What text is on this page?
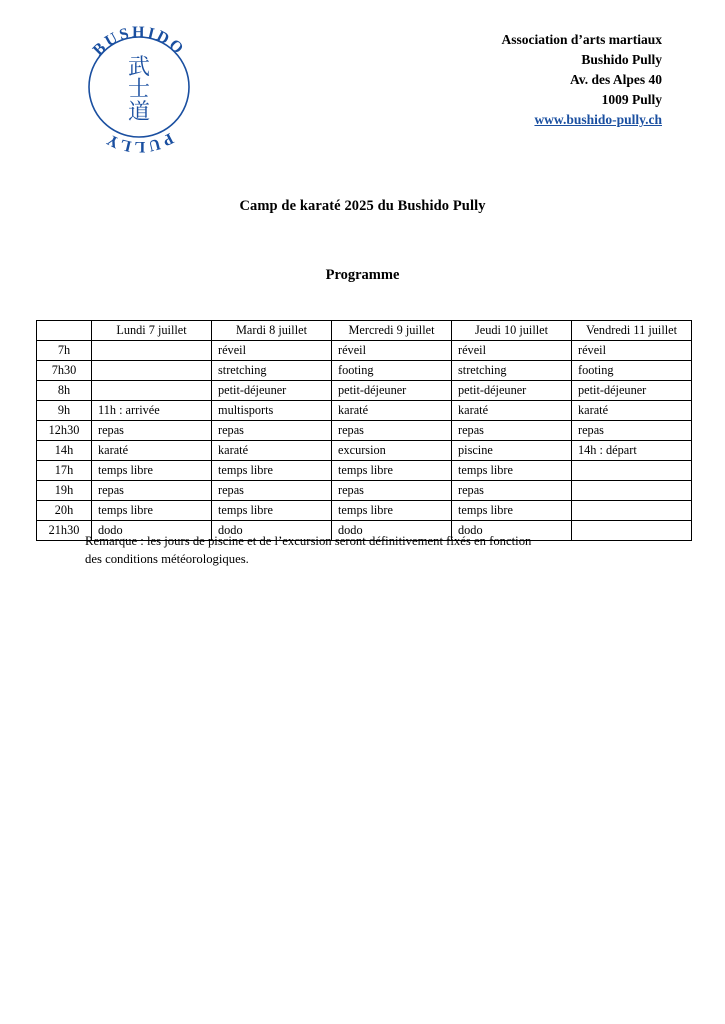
BUSHIDO
PULLY
武
士
道
Association d’arts martiaux
Bushido Pully
Av. des Alpes 40
1009 Pully
www.bushido-pully.ch
Camp de karaté 2025 du Bushido Pully
Programme
	Lundi 7 juillet	Mardi 8 juillet	Mercredi 9 juillet	Jeudi 10 juillet	Vendredi 11 juillet
7h		réveil	réveil	réveil	réveil
7h30		stretching	footing	stretching	footing
8h		petit-déjeuner	petit-déjeuner	petit-déjeuner	petit-déjeuner
9h	11h : arrivée	multisports	karaté	karaté	karaté
12h30	repas	repas	repas	repas	repas
14h	karaté	karaté	excursion	piscine	14h : départ
17h	temps libre	temps libre	temps libre	temps libre	
19h	repas	repas	repas	repas	
20h	temps libre	temps libre	temps libre	temps libre	
21h30	dodo	dodo	dodo	dodo	
Remarque : les jours de piscine et de l’excursion seront définitivement fixés en fonction
des conditions météorologiques.
